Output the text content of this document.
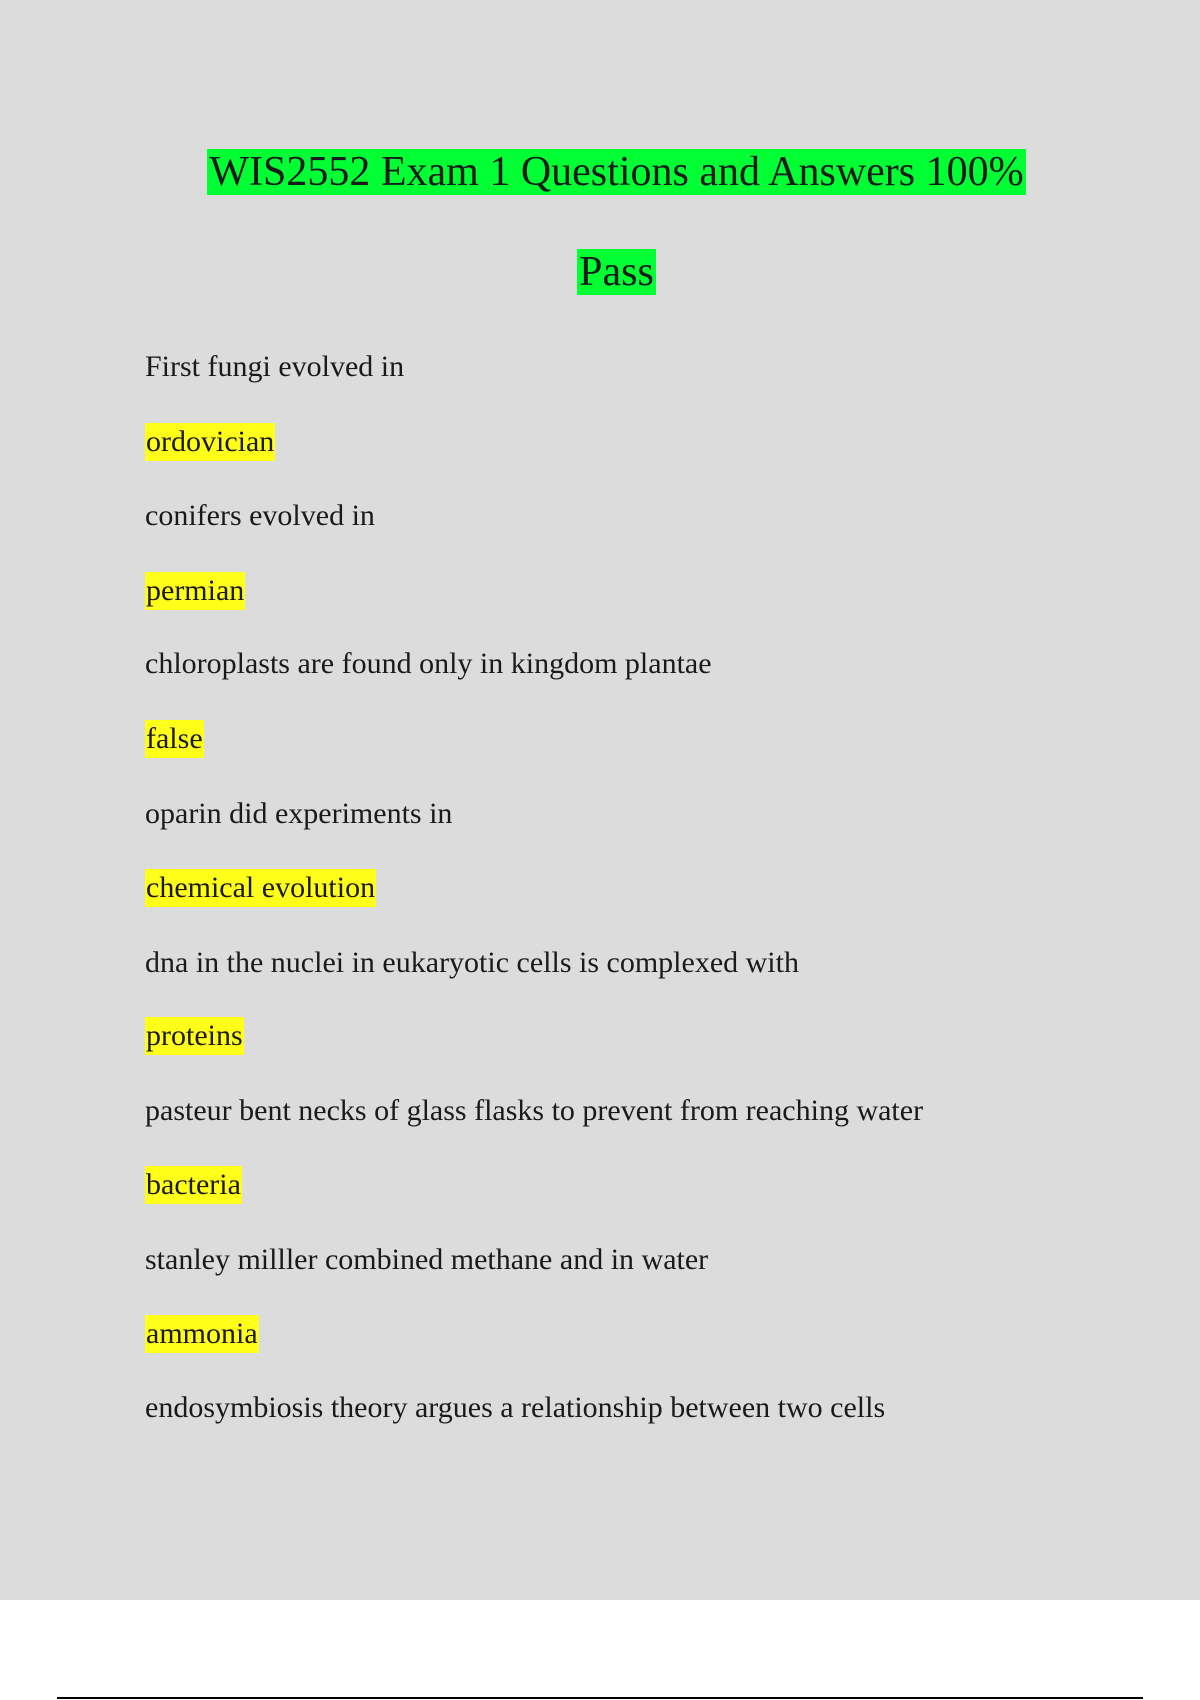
WIS2552 Exam 1 Questions and Answers 100%
Pass
First fungi evolved in
ordovician
conifers evolved in
permian
chloroplasts are found only in kingdom plantae
false
oparin did experiments in
chemical evolution
dna in the nuclei in eukaryotic cells is complexed with
proteins
pasteur bent necks of glass flasks to prevent from reaching water
bacteria
stanley milller combined methane and in water
ammonia
endosymbiosis theory argues a relationship between two cells
